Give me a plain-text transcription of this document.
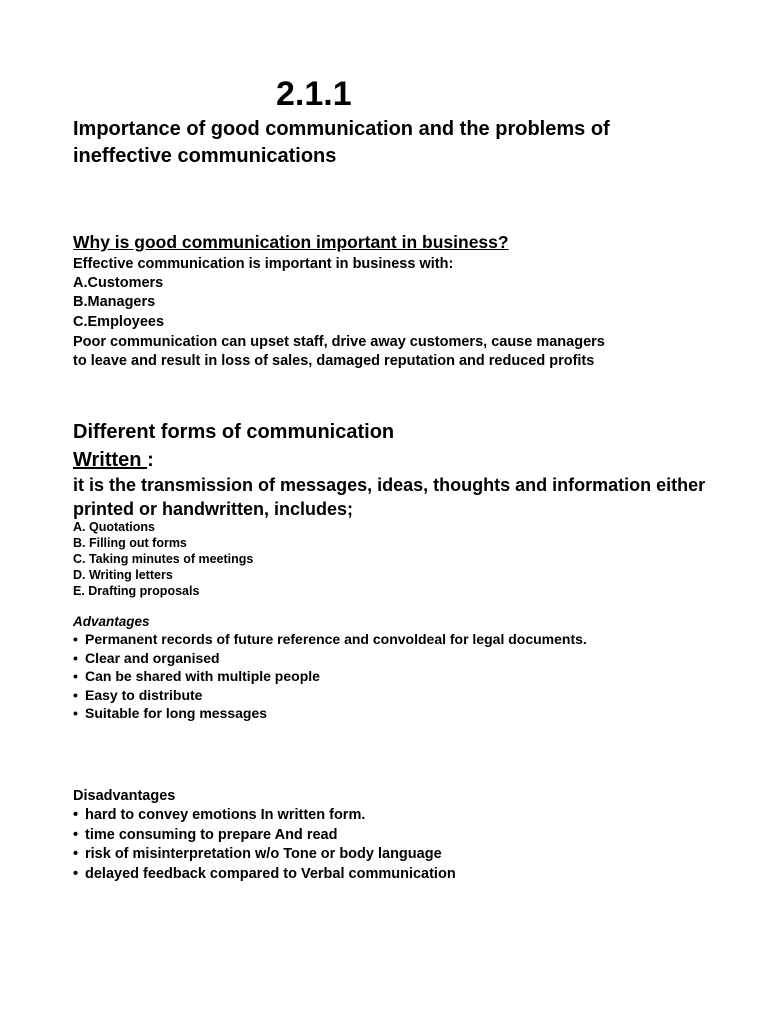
2.1.1
Importance of good communication and the problems of ineffective communications
Why is good communication important in business?
Effective communication is important in business with:
A.Customers
B.Managers
C.Employees
Poor communication can upset staff, drive away customers, cause managers
to leave and result in loss of sales, damaged reputation and reduced profits
Different forms of communication
Written :
it is the transmission of messages, ideas, thoughts and information either printed or handwritten, includes;
A. Quotations
B. Filling out forms
C. Taking minutes of meetings
D. Writing letters
E. Drafting proposals
Advantages
• Permanent records of future reference and convoldeal for legal documents.
• Clear and organised
• Can be shared with multiple people
• Easy to distribute
• Suitable for long messages
Disadvantages
• hard to convey emotions In written form.
• time consuming to prepare And read
• risk of misinterpretation w/o Tone or body language
• delayed feedback compared to Verbal communication
